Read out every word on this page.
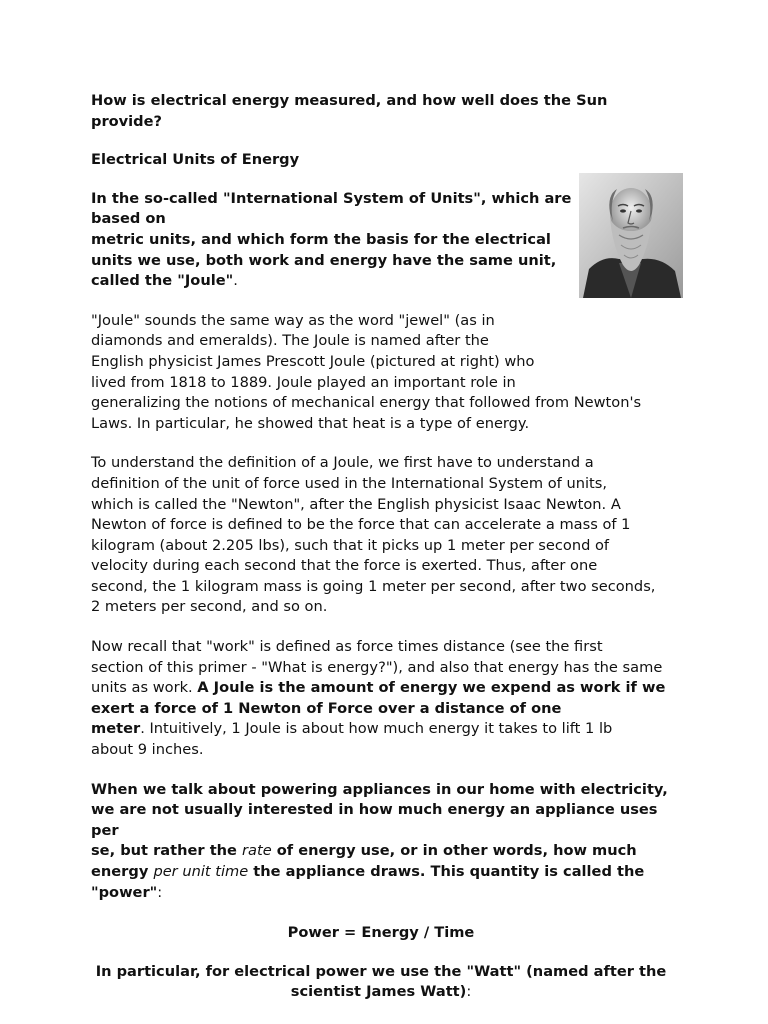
How is electrical energy measured, and how well does the Sun provide?

Electrical Units of Energy

In the so-called "International System of Units", which are based on
metric units, and which form the basis for the electrical
units we use, both work and energy have the same unit,
called the "Joule".

"Joule" sounds the same way as the word "jewel" (as in
diamonds and emeralds). The Joule is named after the
English physicist James Prescott Joule (pictured at right) who
lived from 1818 to 1889. Joule played an important role in
generalizing the notions of mechanical energy that followed from Newton's
Laws. In particular, he showed that heat is a type of energy.

To understand the definition of a Joule, we first have to understand a
definition of the unit of force used in the International System of units,
which is called the "Newton", after the English physicist Isaac Newton. A
Newton of force is defined to be the force that can accelerate a mass of 1
kilogram (about 2.205 lbs), such that it picks up 1 meter per second of
velocity during each second that the force is exerted. Thus, after one
second, the 1 kilogram mass is going 1 meter per second, after two seconds,
2 meters per second, and so on.

Now recall that "work" is defined as force times distance (see the first
section of this primer - "What is energy?"), and also that energy has the same
units as work. A Joule is the amount of energy we expend as work if we
exert a force of 1 Newton of Force over a distance of one
meter. Intuitively, 1 Joule is about how much energy it takes to lift 1 lb
about 9 inches.

When we talk about powering appliances in our home with electricity,
we are not usually interested in how much energy an appliance uses per
se, but rather the rate of energy use, or in other words, how much
energy per unit time the appliance draws. This quantity is called the
"power":

Power = Energy / Time

In particular, for electrical power we use the "Watt" (named after the
scientist James Watt):
